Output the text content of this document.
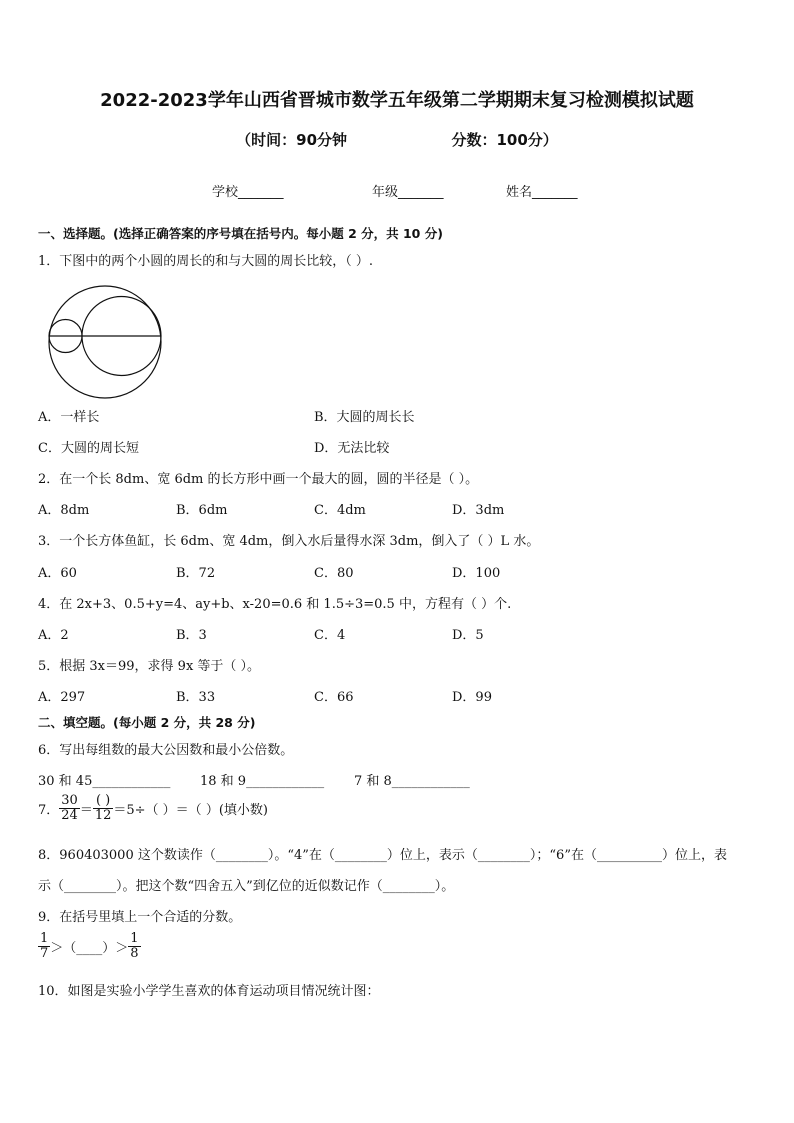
2022-2023学年山西省晋城市数学五年级第二学期期末复习检测模拟试题
（时间：90分钟                    分数：100分）
学校_______	年级_______	姓名_______
一、选择题。(选择正确答案的序号填在括号内。每小题 2 分，共 10 分)
1．下图中的两个小圆的周长的和与大圆的周长比较，（ ）.
A．一样长	B．大圆的周长长
C．大圆的周长短	D．无法比较
2．在一个长 8dm、宽 6dm 的长方形中画一个最大的圆，圆的半径是（ ）。
A．8dm	B．6dm	C．4dm	D．3dm
3．一个长方体鱼缸，长 6dm、宽 4dm，倒入水后量得水深 3dm，倒入了（ ）L 水。
A．60	B．72	C．80	D．100
4．在 2x+3、0.5+y=4、ay+b、x-20=0.6 和 1.5÷3=0.5 中，方程有（ ）个.
A．2	B．3	C．4	D．5
5．根据 3x＝99，求得 9x 等于（ ）。
A．297	B．33	C．66	D．99
二、填空题。(每小题 2 分，共 28 分)
6．写出每组数的最大公因数和最小公倍数。
30 和 45____________ 18 和 9____________ 7 和 8____________
7． $\frac{30}{24} = \frac{( )}{12} =5\div$（ ）＝（ ）(填小数)
8．960403000 这个数读作（________）。“4”在（________）位上，表示（________）；“6”在（__________）位上，表
示（________）。把这个数“四舍五入”到亿位的近似数记作（________）。
9．在括号里填上一个合适的分数。
$\frac{1}{7}$ ＞（____）＞ $\frac{1}{8}$
10．如图是实验小学学生喜欢的体育运动项目情况统计图：
